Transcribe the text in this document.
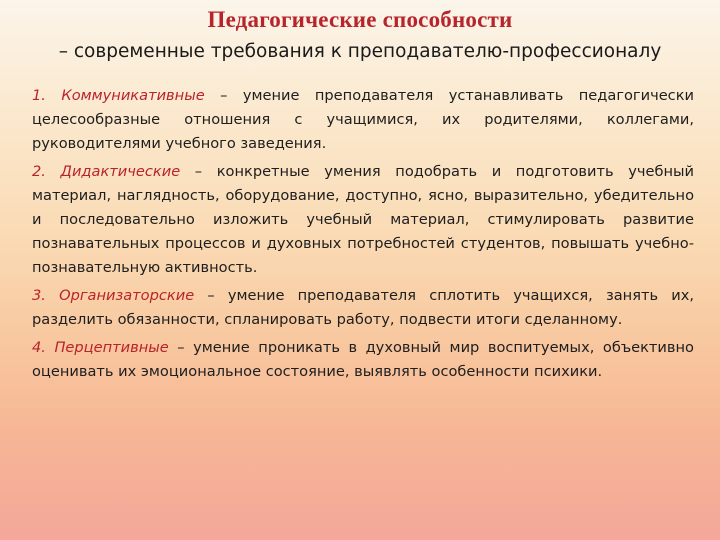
Педагогические способности

– современные требования к преподавателю-профессионалу

1. Коммуникативные – умение преподавателя устанавливать педагогически целесообразные отношения с учащимися, их родителями, коллегами, руководителями учебного заведения.

2. Дидактические – конкретные умения подобрать и подготовить учебный материал, наглядность, оборудование, доступно, ясно, выразительно, убедительно и последовательно изложить учебный материал, стимулировать развитие познавательных процессов и духовных потребностей студентов, повышать учебно-познавательную активность.

3. Организаторские – умение преподавателя сплотить учащихся, занять их, разделить обязанности, спланировать работу, подвести итоги сделанному.

4. Перцептивные – умение проникать в духовный мир воспитуемых, объективно оценивать их эмоциональное состояние, выявлять особенности психики.
